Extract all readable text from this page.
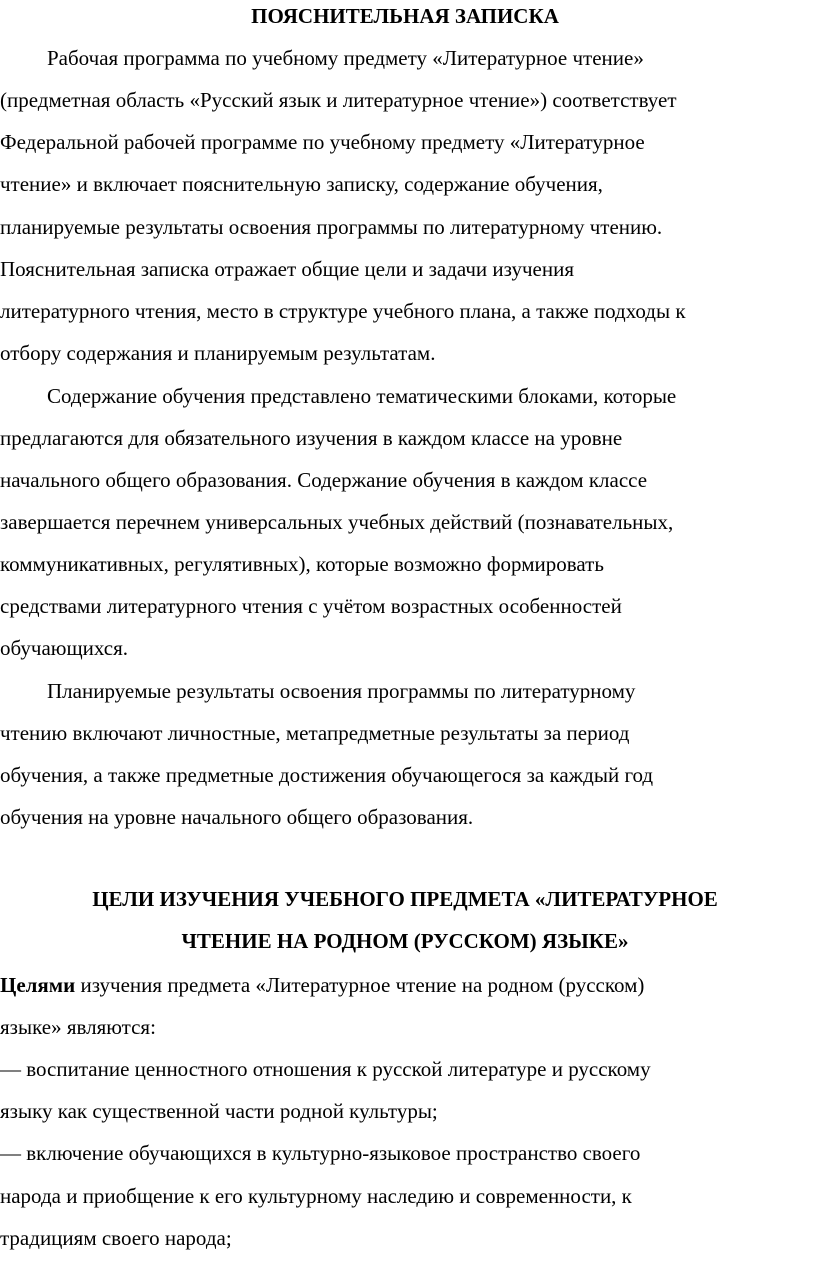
ПОЯСНИТЕЛЬНАЯ ЗАПИСКА
Рабочая программа по учебному предмету «Литературное чтение»
(предметная область «Русский язык и литературное чтение») соответствует
Федеральной рабочей программе по учебному предмету «Литературное
чтение» и включает пояснительную записку, содержание обучения,
планируемые результаты освоения программы по литературному чтению.
Пояснительная записка отражает общие цели и задачи изучения
литературного чтения, место в структуре учебного плана, а также подходы к
отбору содержания и планируемым результатам.
Содержание обучения представлено тематическими блоками, которые
предлагаются для обязательного изучения в каждом классе на уровне
начального общего образования. Содержание обучения в каждом классе
завершается перечнем универсальных учебных действий (познавательных,
коммуникативных, регулятивных), которые возможно формировать
средствами литературного чтения с учётом возрастных особенностей
обучающихся.
Планируемые результаты освоения программы по литературному
чтению включают личностные, метапредметные результаты за период
обучения, а также предметные достижения обучающегося за каждый год
обучения на уровне начального общего образования.
ЦЕЛИ ИЗУЧЕНИЯ УЧЕБНОГО ПРЕДМЕТА «ЛИТЕРАТУРНОЕ
ЧТЕНИЕ НА РОДНОМ (РУССКОМ) ЯЗЫКЕ»
Целями изучения предмета «Литературное чтение на родном (русском)
языке» являются:
— воспитание ценностного отношения к русской литературе и русскому
языку как существенной части родной культуры;
— включение обучающихся в культурно-языковое пространство своего
народа и приобщение к его культурному наследию и современности, к
традициям своего народа;
